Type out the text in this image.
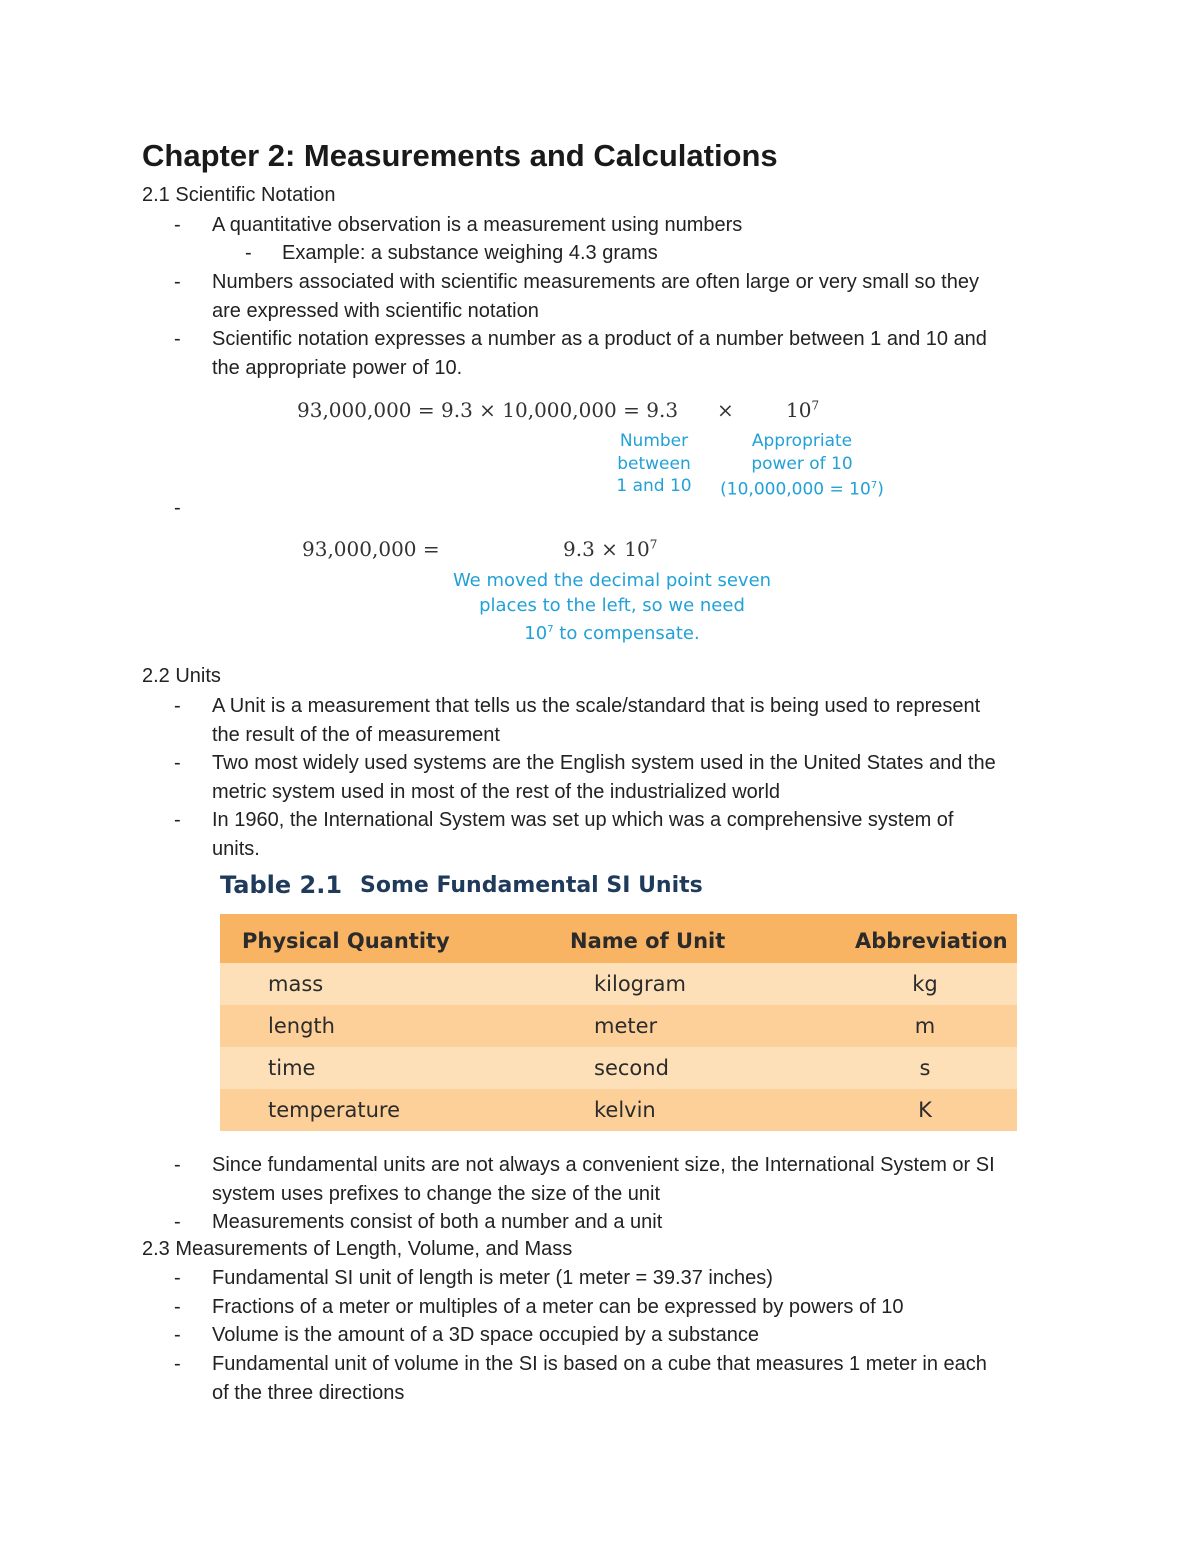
Chapter 2: Measurements and Calculations

2.1 Scientific Notation

- A quantitative observation is a measurement using numbers
- Example: a substance weighing 4.3 grams
- Numbers associated with scientific measurements are often large or very small so they
are expressed with scientific notation
- Scientific notation expresses a number as a product of a number between 1 and 10 and
the appropriate power of 10.
93,000,000 = 9.3 × 10,000,000 = 9.3 ×	$10^7$
Number
between
1 and 10
Appropriate
power of 10
$(10,000,000 = 10^7)$
-
93,000,000 =	$9.3 \times 10^7$
We moved the decimal point seven
places to the left, so we need
$10^7$ to compensate.

2.2 Units

- A Unit is a measurement that tells us the scale/standard that is being used to represent
the result of the of measurement
- Two most widely used systems are the English system used in the United States and the
metric system used in most of the rest of the industrialized world
- In 1960, the International System was set up which was a comprehensive system of
units.
Table 2.1 Some Fundamental SI Units
Physical Quantity	Name of Unit	Abbreviation
mass	kilogram	kg
length	meter	m
time	second	s
temperature	kelvin	K
- Since fundamental units are not always a convenient size, the International System or SI
system uses prefixes to change the size of the unit
- Measurements consist of both a number and a unit

2.3 Measurements of Length, Volume, and Mass

- Fundamental SI unit of length is meter (1 meter = 39.37 inches)
- Fractions of a meter or multiples of a meter can be expressed by powers of 10
- Volume is the amount of a 3D space occupied by a substance
- Fundamental unit of volume in the SI is based on a cube that measures 1 meter in each
of the three directions
